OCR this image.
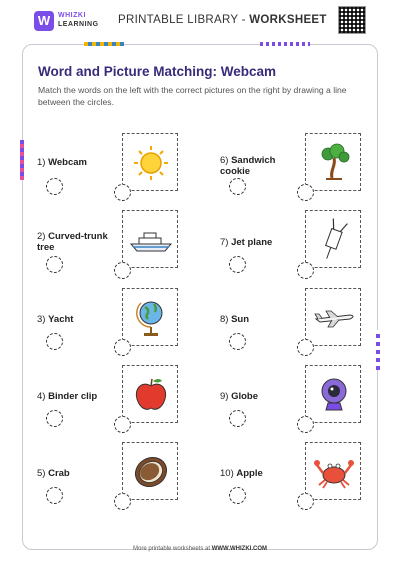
W	WHIZKI
LEARNING PRINTABLE LIBRARY - WORKSHEET
Word and Picture Matching: Webcam
Match the words on the left with the correct pictures on the right by drawing a line between the circles.
1) Webcam
2) Curved-trunk tree
3) Yacht
4) Binder clip
5) Crab
6) Sandwich cookie
7) Jet plane
8) Sun
9) Globe
10) Apple
More printable worksheets at WWW.WHIZKI.COM
